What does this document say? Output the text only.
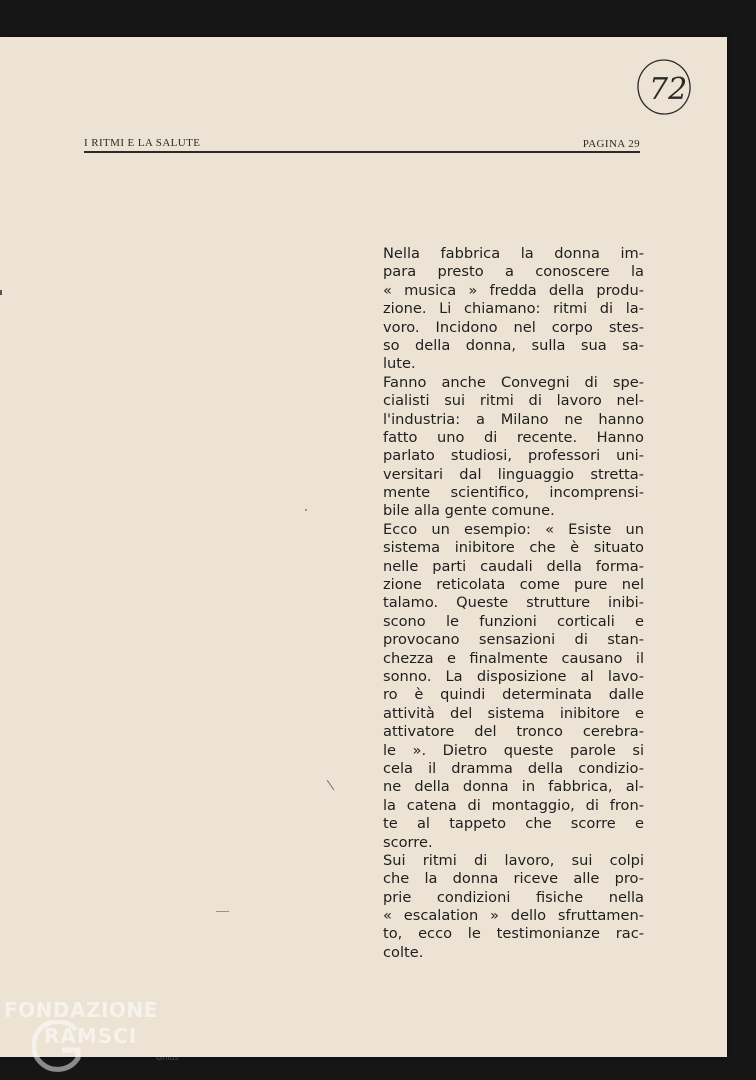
72
I RITMI E LA SALUTE	PAGINA 29
Nella fabbrica la donna im-
para presto a conoscere la
« musica » fredda della produ-
zione. Li chiamano: ritmi di la-
voro. Incidono nel corpo stes-
so della donna, sulla sua sa-
lute.
Fanno anche Convegni di spe-
cialisti sui ritmi di lavoro nel-
l'industria: a Milano ne hanno
fatto uno di recente. Hanno
parlato studiosi, professori uni-
versitari dal linguaggio stretta-
mente scientifico, incomprensi-
bile alla gente comune.
Ecco un esempio: « Esiste un
sistema inibitore che è situato
nelle parti caudali della forma-
zione reticolata come pure nel
talamo. Queste strutture inibi-
scono le funzioni corticali e
provocano sensazioni di stan-
chezza e finalmente causano il
sonno. La disposizione al lavo-
ro è quindi determinata dalle
attività del sistema inibitore e
attivatore del tronco cerebra-
le ». Dietro queste parole si
cela il dramma della condizio-
ne della donna in fabbrica, al-
la catena di montaggio, di fron-
te al tappeto che scorre e
scorre.
Sui ritmi di lavoro, sui colpi
che la donna riceve alle pro-
prie condizioni fisiche nella
« escalation » dello sfruttamen-
to, ecco le testimonianze rac-
colte.
FONDAZIONE
RAMSCI
Gnius
